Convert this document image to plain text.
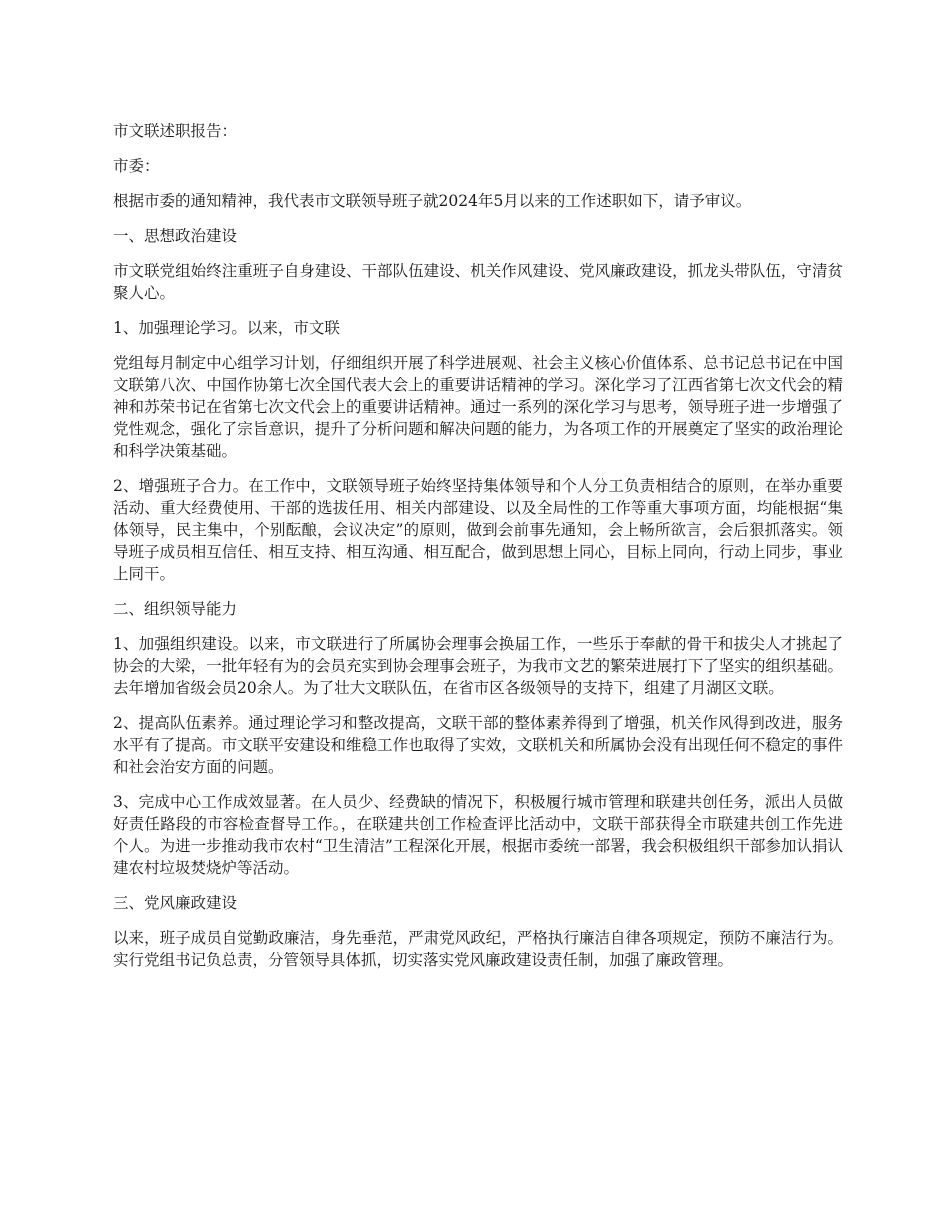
市文联述职报告：

市委：

根据市委的通知精神，我代表市文联领导班子就2024年5月以来的工作述职如下，请予审议。

一、思想政治建设

市文联党组始终注重班子自身建设、干部队伍建设、机关作风建设、党风廉政建设，抓龙头带队伍，守清贫聚人心。

1、加强理论学习。以来，市文联

党组每月制定中心组学习计划，仔细组织开展了科学进展观、社会主义核心价值体系、总书记总书记在中国文联第八次、中国作协第七次全国代表大会上的重要讲话精神的学习。深化学习了江西省第七次文代会的精神和苏荣书记在省第七次文代会上的重要讲话精神。通过一系列的深化学习与思考，领导班子进一步增强了党性观念，强化了宗旨意识，提升了分析问题和解决问题的能力，为各项工作的开展奠定了坚实的政治理论和科学决策基础。

2、增强班子合力。在工作中，文联领导班子始终坚持集体领导和个人分工负责相结合的原则，在举办重要活动、重大经费使用、干部的选拔任用、相关内部建设、以及全局性的工作等重大事项方面，均能根据“集体领导，民主集中，个别酝酿，会议决定”的原则，做到会前事先通知，会上畅所欲言，会后狠抓落实。领导班子成员相互信任、相互支持、相互沟通、相互配合，做到思想上同心，目标上同向，行动上同步，事业上同干。

二、组织领导能力

1、加强组织建设。以来，市文联进行了所属协会理事会换届工作，一些乐于奉献的骨干和拔尖人才挑起了协会的大梁，一批年轻有为的会员充实到协会理事会班子，为我市文艺的繁荣进展打下了坚实的组织基础。去年增加省级会员20余人。为了壮大文联队伍，在省市区各级领导的支持下，组建了月湖区文联。

2、提高队伍素养。通过理论学习和整改提高，文联干部的整体素养得到了增强，机关作风得到改进，服务水平有了提高。市文联平安建设和维稳工作也取得了实效，文联机关和所属协会没有出现任何不稳定的事件和社会治安方面的问题。

3、完成中心工作成效显著。在人员少、经费缺的情况下，积极履行城市管理和联建共创任务，派出人员做好责任路段的市容检查督导工作。，在联建共创工作检查评比活动中，文联干部获得全市联建共创工作先进个人。为进一步推动我市农村“卫生清洁”工程深化开展，根据市委统一部署，我会积极组织干部参加认捐认建农村垃圾焚烧炉等活动。

三、党风廉政建设

以来，班子成员自觉勤政廉洁，身先垂范，严肃党风政纪，严格执行廉洁自律各项规定，预防不廉洁行为。实行党组书记负总责，分管领导具体抓，切实落实党风廉政建设责任制，加强了廉政管理。
